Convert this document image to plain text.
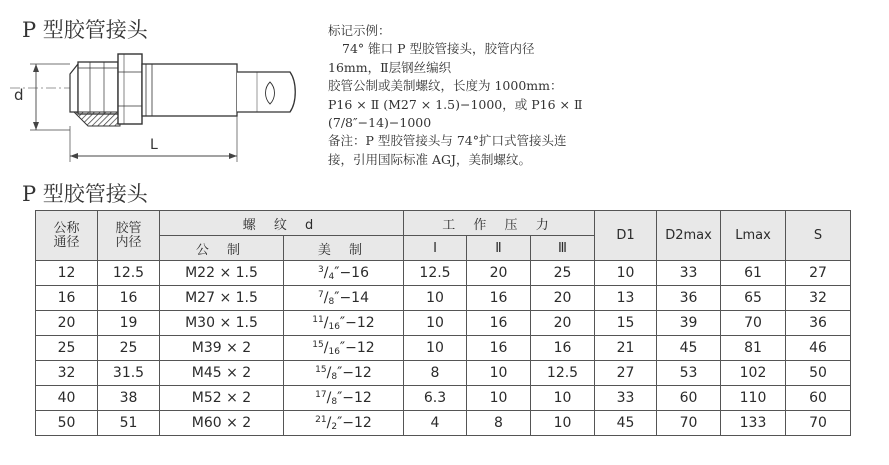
P 型胶管接头
d
L
标记示例：
74° 锥口 P 型胶管接头，胶管内径
16mm，Ⅱ层钢丝编织
胶管公制或美制螺纹，长度为 1000mm：
P16 × Ⅱ (M27 × 1.5)−1000，或 P16 × Ⅱ
(7/8″−14)−1000
备注：P 型胶管接头与 74°扩口式管接头连
接，引用国际标准 AGJ，美制螺纹。
P 型胶管接头
公称
通径	胶管
内径	螺 纹 d		工 作 压 力			D1	D2max	Lmax	S
		公 制	美 制	Ⅰ	Ⅱ	Ⅲ				
12	12.5	M22 × 1.5	$^3/_4''-16$	12.5	20	25	10	33	61	27
16	16	M27 × 1.5	$^7/_8''-14$	10	16	20	13	36	65	32
20	19	M30 × 1.5	$^{11}/_{16}''-12$	10	16	20	15	39	70	36
25	25	M39 × 2	$^{15}/_{16}''-12$	10	16	16	21	45	81	46
32	31.5	M45 × 2	$^{15}/_8''-12$	8	10	12.5	27	53	102	50
40	38	M52 × 2	$^{17}/_8''-12$	6.3	10	10	33	60	110	60
50	51	M60 × 2	$^{21}/_2''-12$	4	8	10	45	70	133	70
